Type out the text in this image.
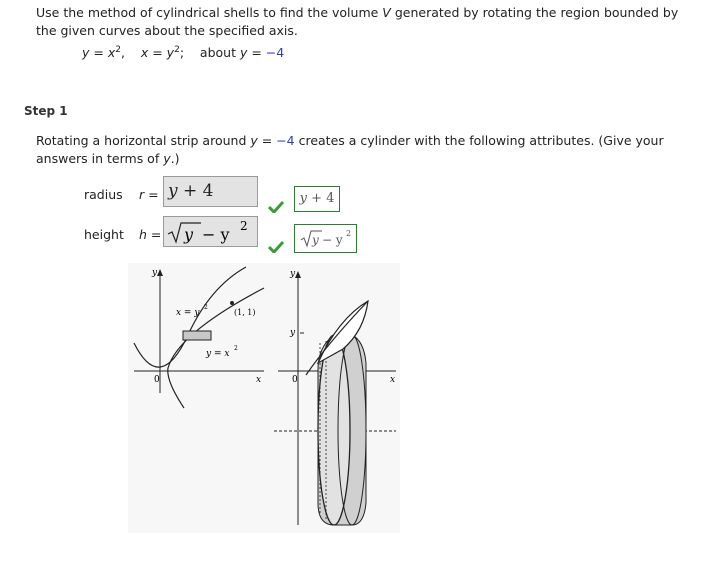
Use the method of cylindrical shells to find the volume V generated by rotating the region bounded by the given curves about the specified axis.
$y = x^2$,    $x = y^2$;    about y = −4
Step 1
Rotating a horizontal strip around y = −4 creates a cylinder with the following attributes. (Give your answers in terms of y.)
radius r = y + 4	y + 4
height h = y − y 2
y − y 2
y
x
0
x = y
2
y = x
2
(1, 1)
y
x
0
y
